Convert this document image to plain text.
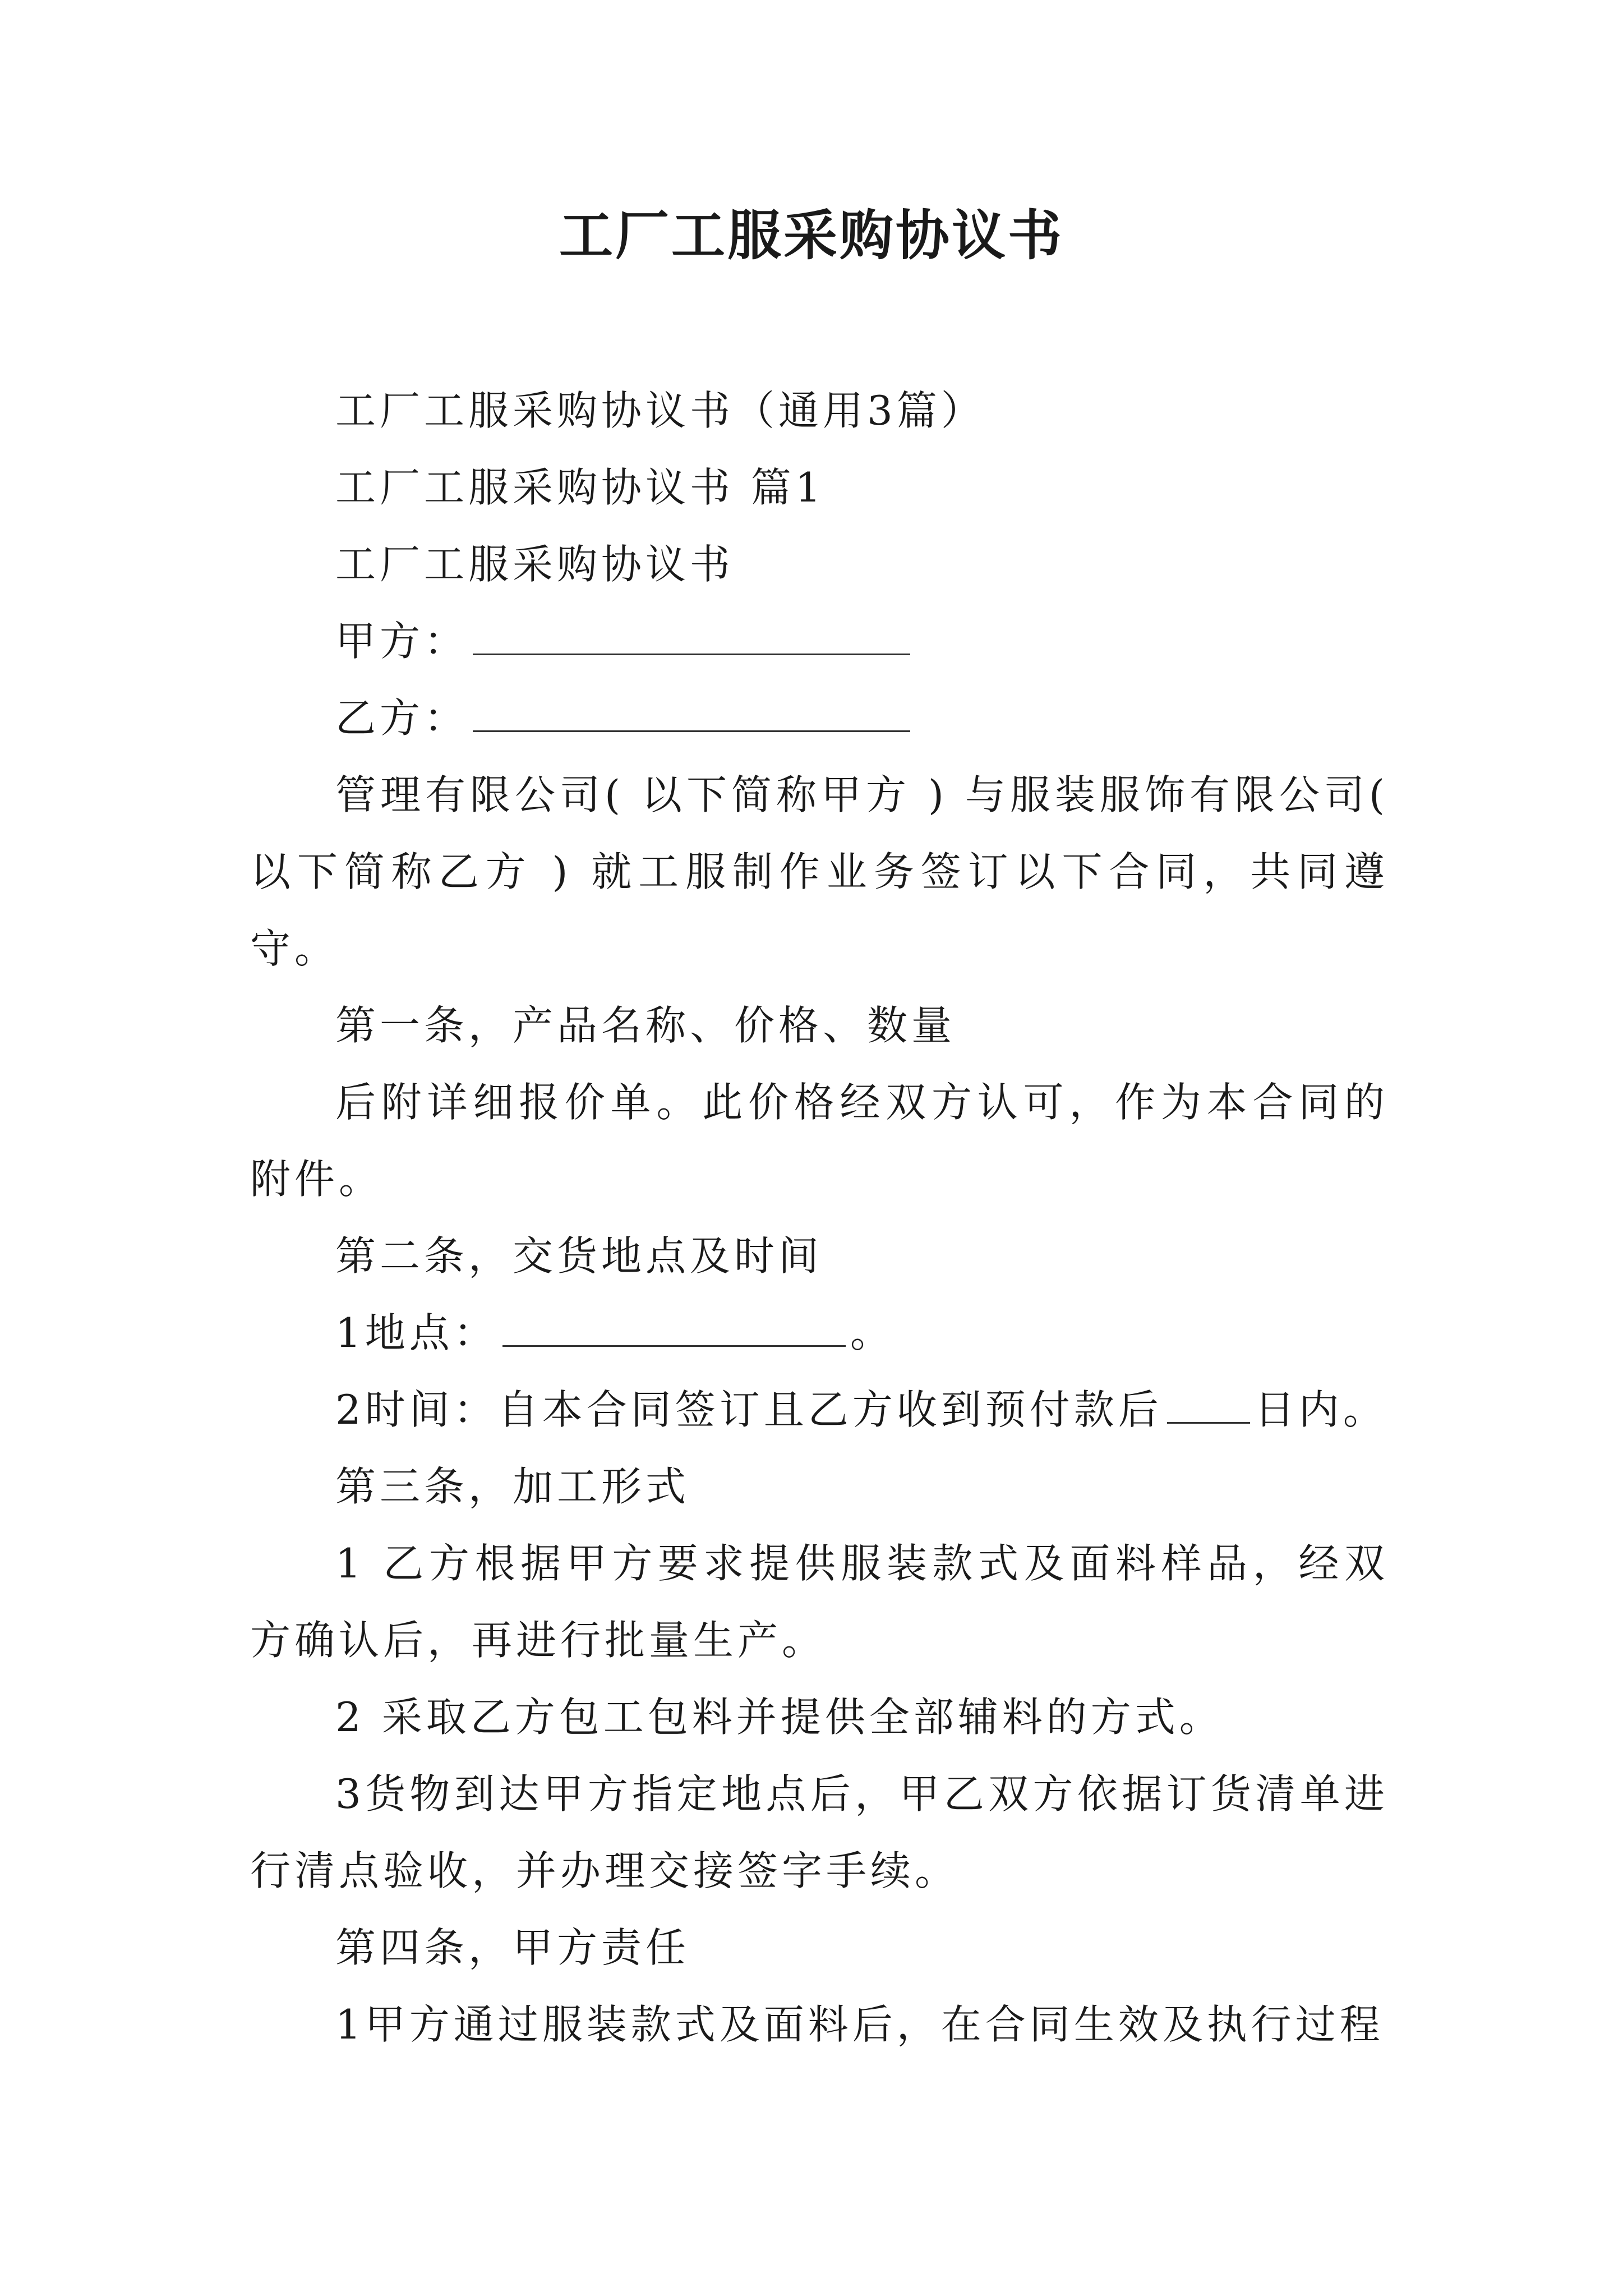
工厂工服采购协议书

工厂工服采购协议书（通用3篇）

工厂工服采购协议书 篇1

工厂工服采购协议书

甲方：

乙方：

管理有限公司( 以下简称甲方 ) 与服装服饰有限公司( 以下简称乙方 ) 就工服制作业务签订以下合同，共同遵守。

第一条，产品名称、价格、数量

后附详细报价单。此价格经双方认可，作为本合同的附件。

第二条，交货地点及时间

1地点：	。

2时间：自本合同签订且乙方收到预付款后 日内。

第三条，加工形式

1 乙方根据甲方要求提供服装款式及面料样品，经双方确认后，再进行批量生产。

2 采取乙方包工包料并提供全部辅料的方式。

3货物到达甲方指定地点后，甲乙双方依据订货清单进行清点验收，并办理交接签字手续。

第四条，甲方责任

1甲方通过服装款式及面料后，在合同生效及执行过程
